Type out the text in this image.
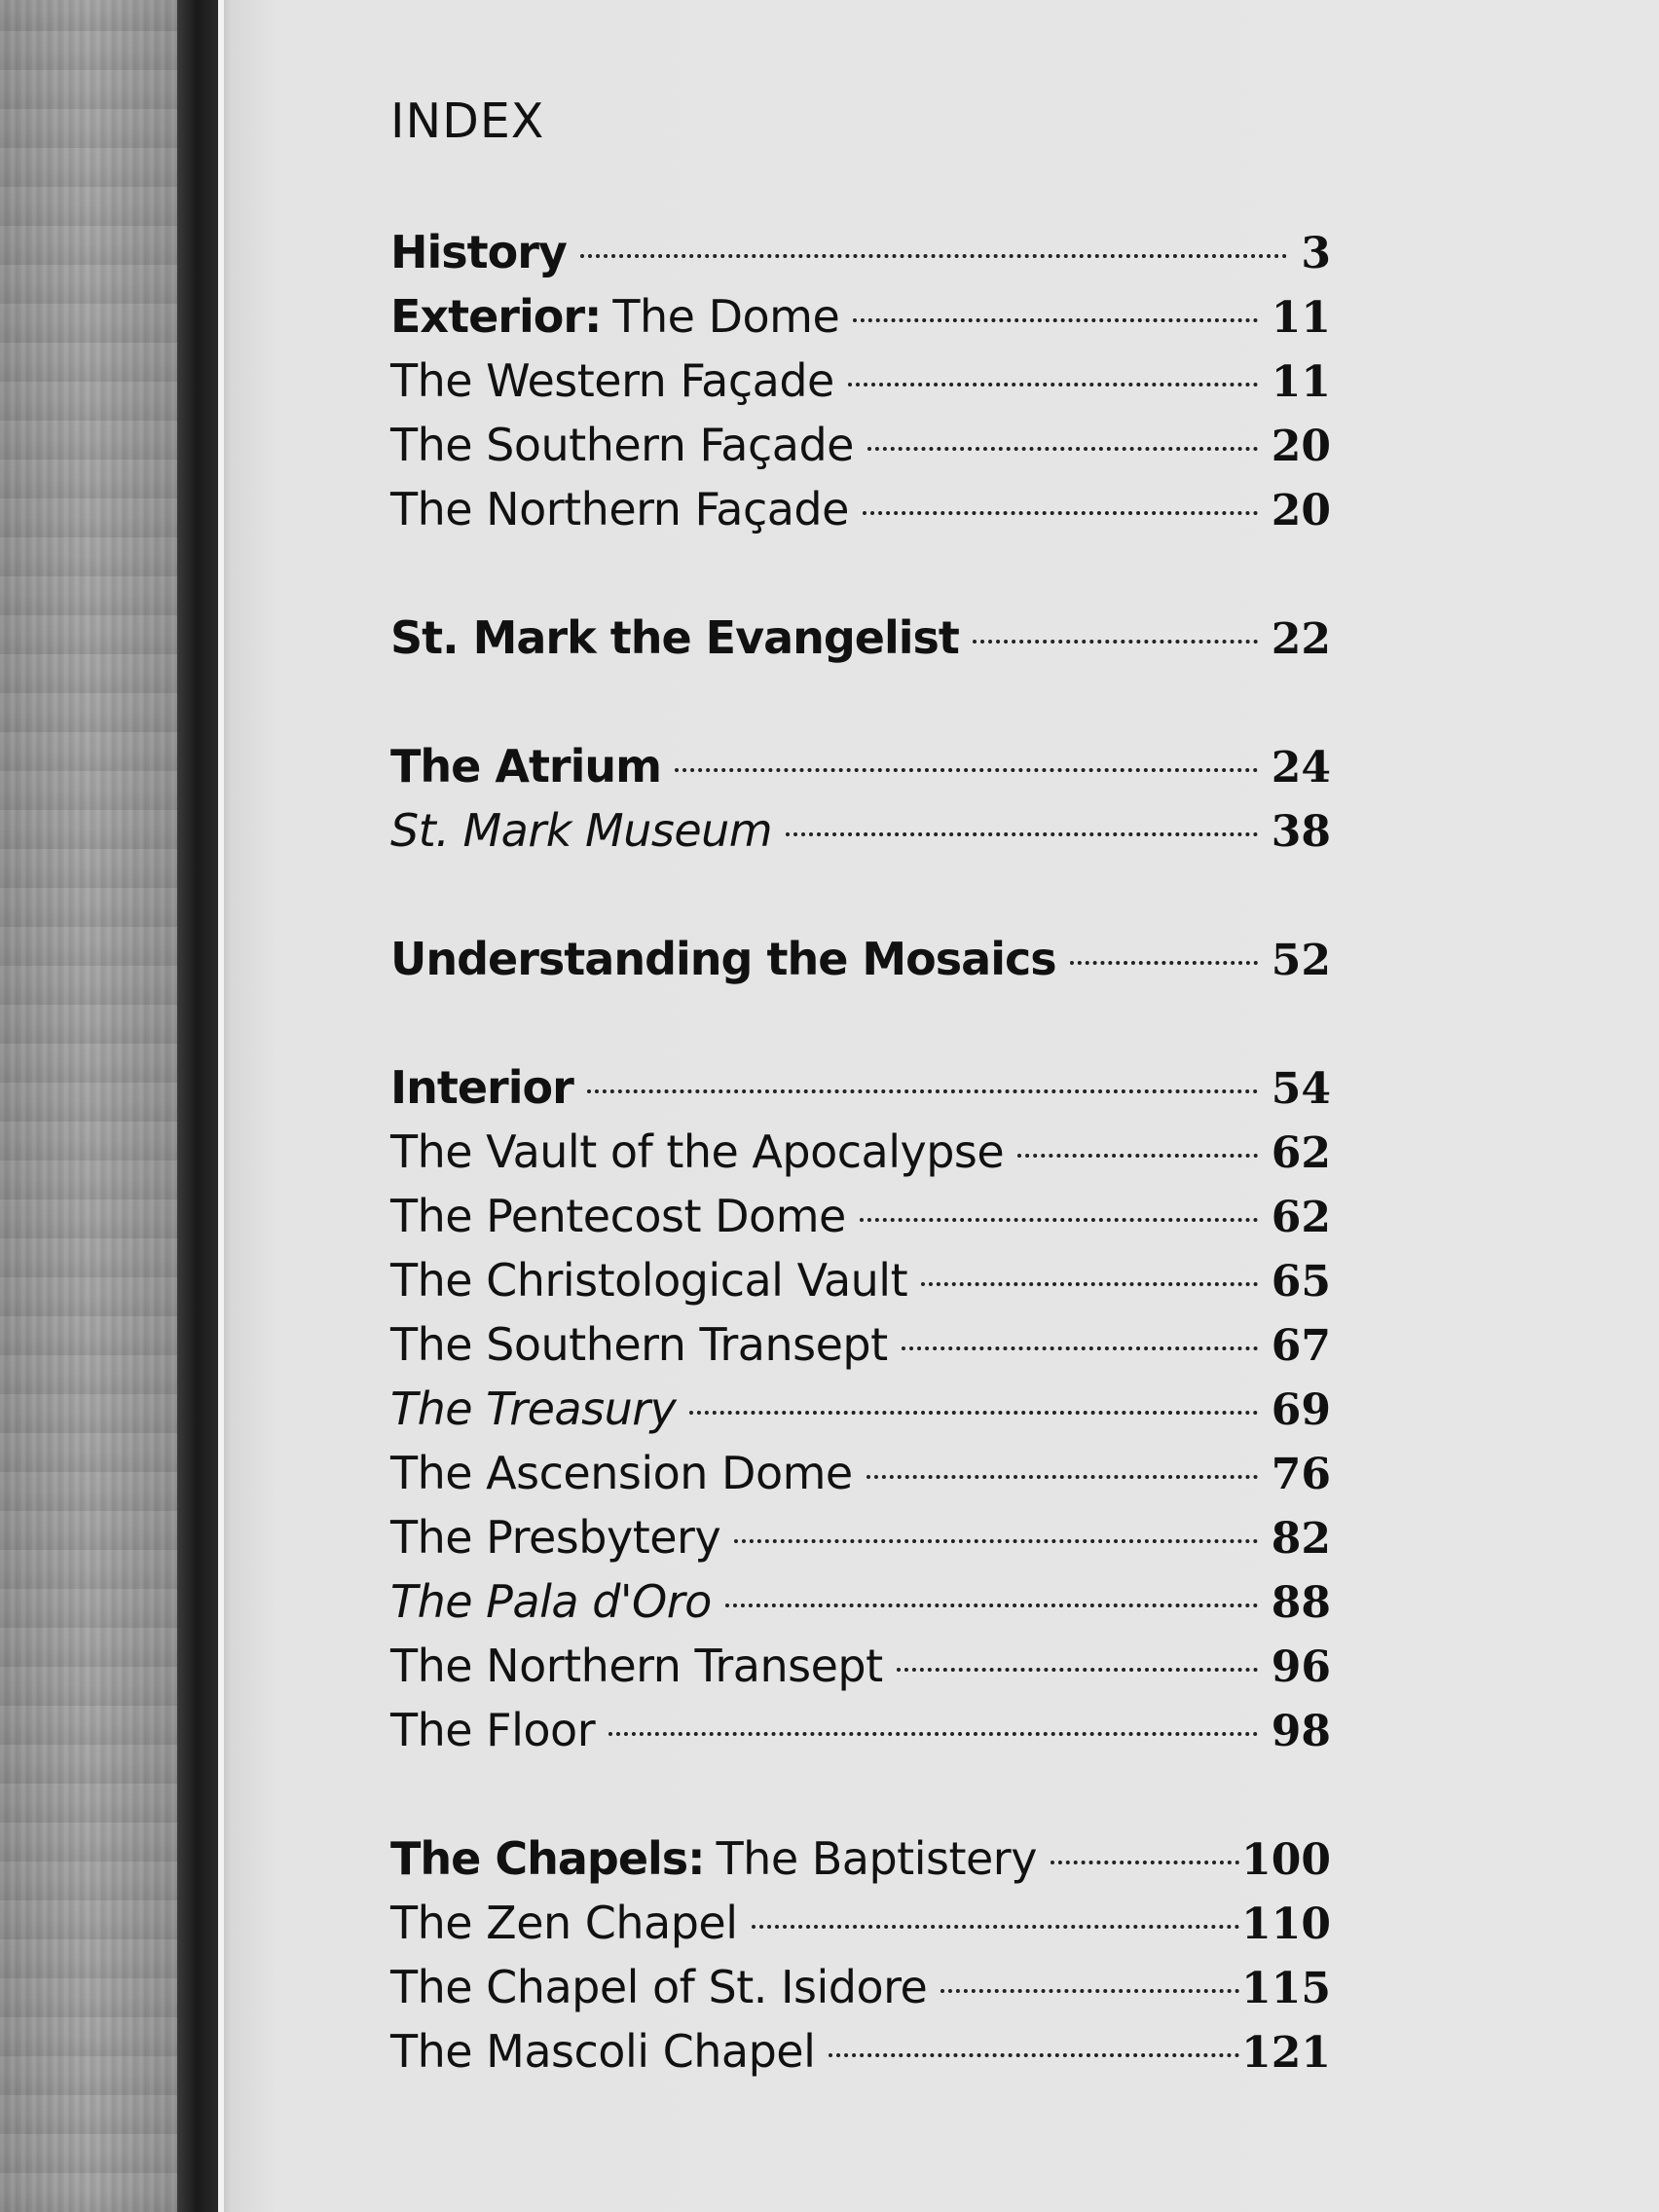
INDEX
History	3
Exterior: The Dome	11
The Western Façade	11
The Southern Façade	20
The Northern Façade	20
St. Mark the Evangelist	22
The Atrium	24
St. Mark Museum	38
Understanding the Mosaics	52
Interior	54
The Vault of the Apocalypse	62
The Pentecost Dome	62
The Christological Vault	65
The Southern Transept	67
The Treasury	69
The Ascension Dome	76
The Presbytery	82
The Pala d'Oro	88
The Northern Transept	96
The Floor	98
The Chapels: The Baptistery	100
The Zen Chapel	110
The Chapel of St. Isidore	115
The Mascoli Chapel	121
